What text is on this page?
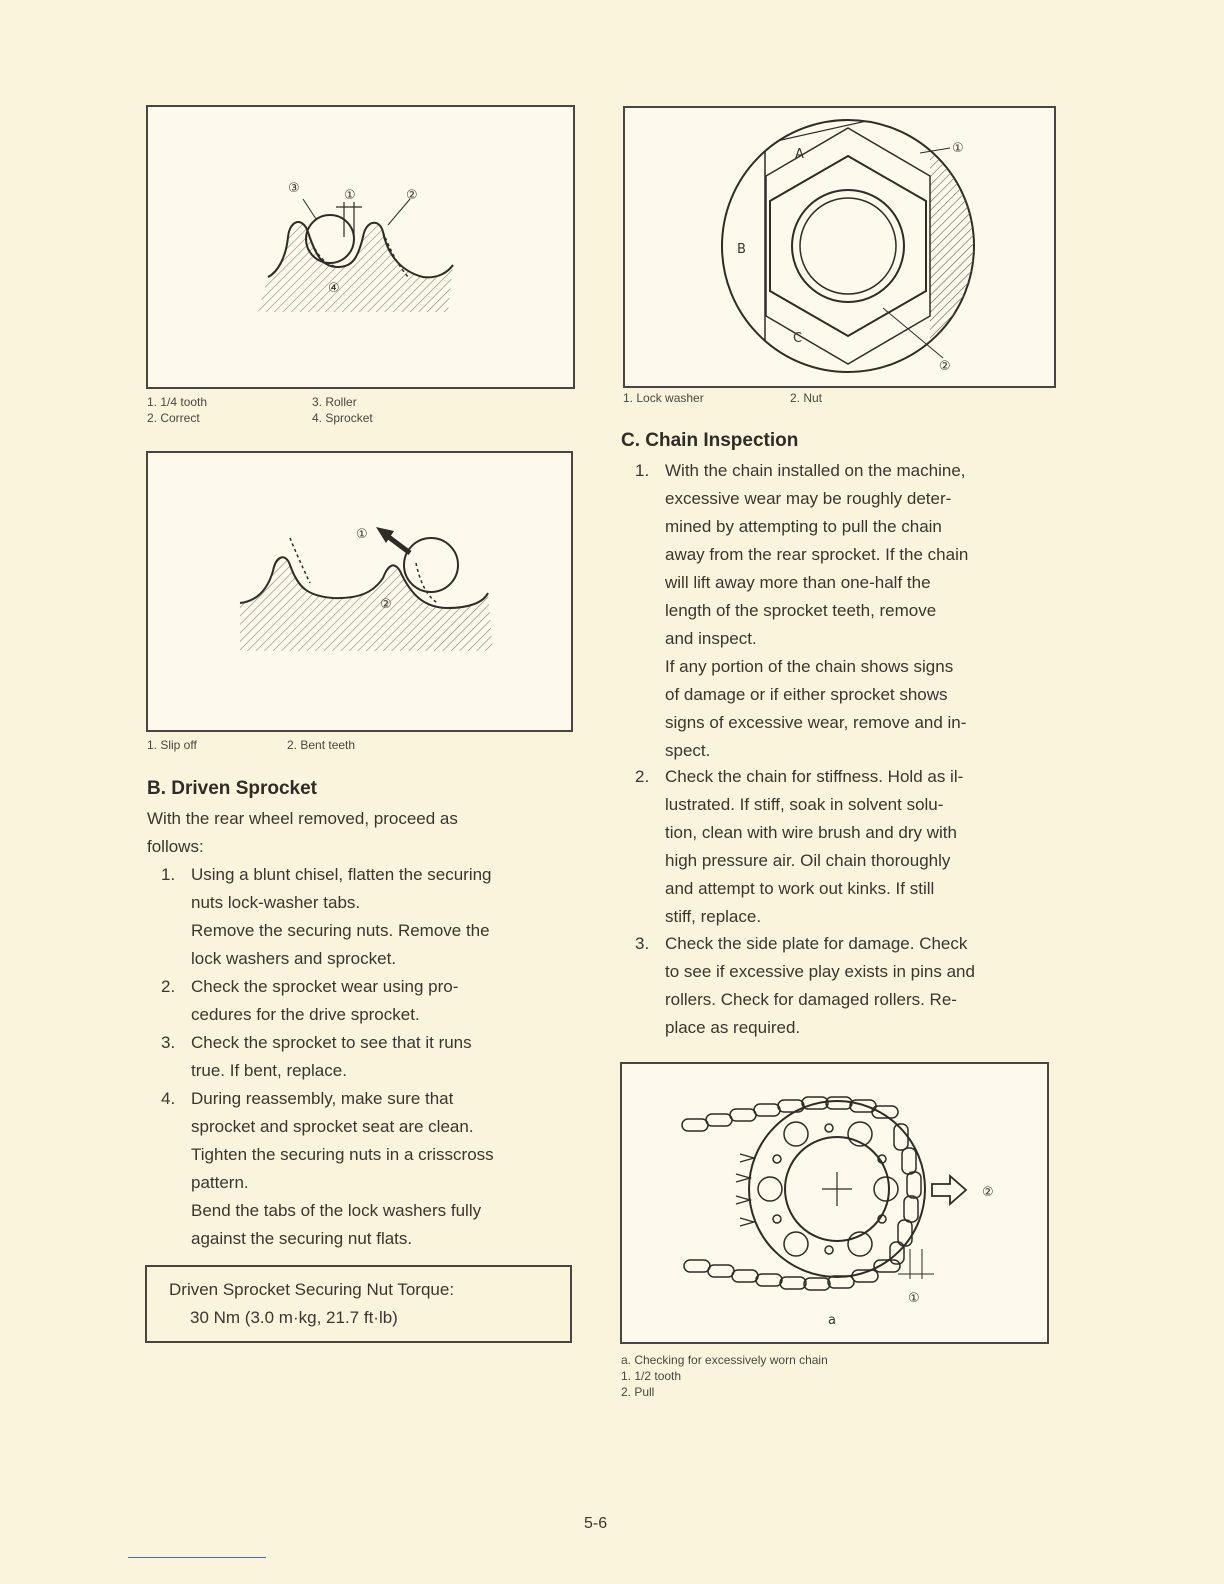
③	①	②
④
1. 1/4 tooth
2. Correct
3. Roller
4. Sprocket
①
②
1. Slip off	2. Bent teeth
B. Driven Sprocket
With the rear wheel removed, proceed as
follows:
1. Using a blunt chisel, flatten the securing
nuts lock-washer tabs.
Remove the securing nuts. Remove the
lock washers and sprocket.
2. Check the sprocket wear using pro-
cedures for the drive sprocket.
3. Check the sprocket to see that it runs
true. If bent, replace.
4. During reassembly, make sure that
sprocket and sprocket seat are clean.
Tighten the securing nuts in a crisscross
pattern.
Bend the tabs of the lock washers fully
against the securing nut flats.
Driven Sprocket Securing Nut Torque:
30 Nm (3.0 m·kg, 21.7 ft·lb)
A
B
C
①
②
1. Lock washer	2. Nut
C. Chain Inspection
1. With the chain installed on the machine,
excessive wear may be roughly deter-
mined by attempting to pull the chain
away from the rear sprocket. If the chain
will lift away more than one-half the
length of the sprocket teeth, remove
and inspect.
If any portion of the chain shows signs
of damage or if either sprocket shows
signs of excessive wear, remove and in-
spect.
2. Check the chain for stiffness. Hold as il-
lustrated. If stiff, soak in solvent solu-
tion, clean with wire brush and dry with
high pressure air. Oil chain thoroughly
and attempt to work out kinks. If still
stiff, replace.
3. Check the side plate for damage. Check
to see if excessive play exists in pins and
rollers. Check for damaged rollers. Re-
place as required.
②
①
a
a. Checking for excessively worn chain
1. 1/2 tooth
2. Pull
5-6
